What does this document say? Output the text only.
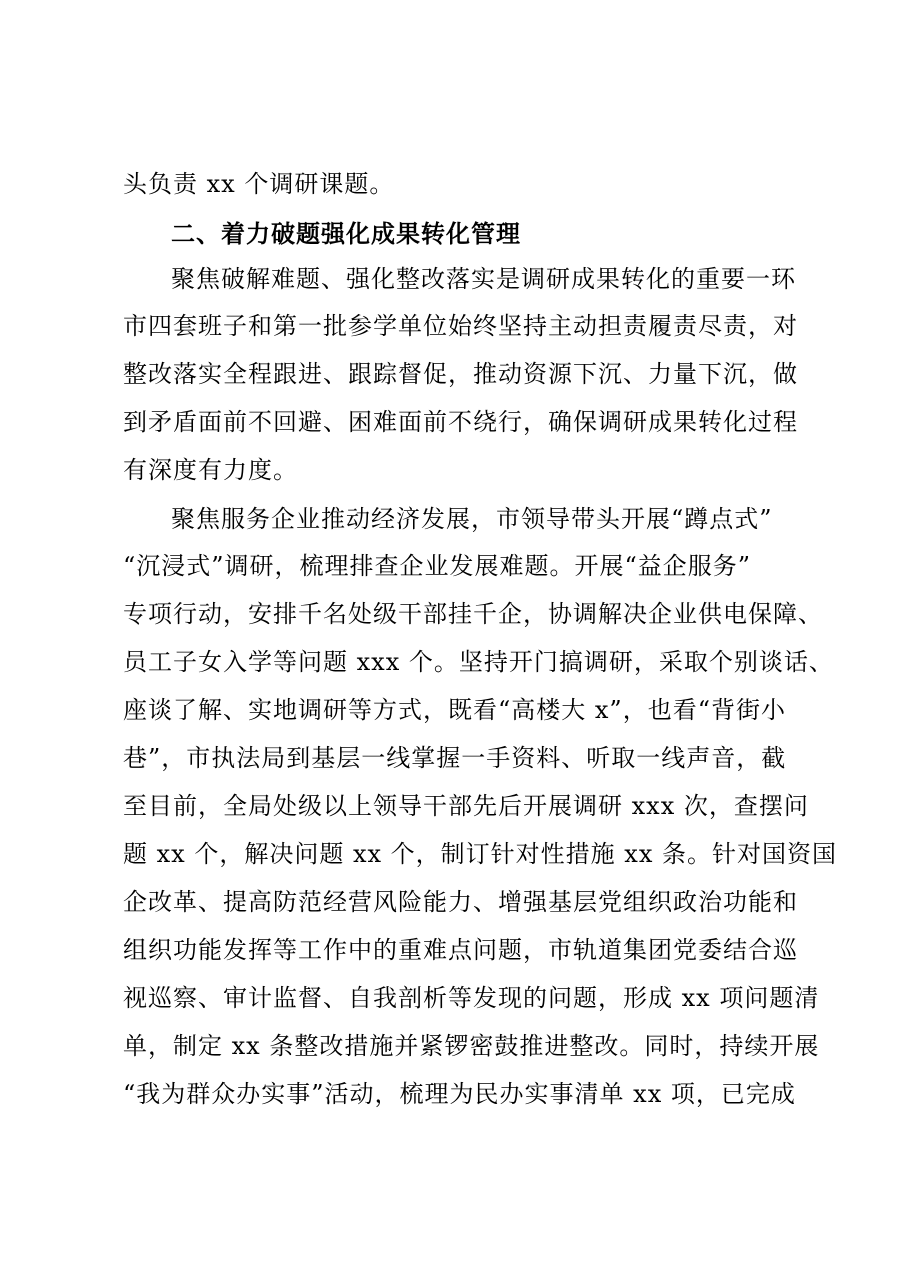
头负责 xx 个调研课题。
二、着力破题强化成果转化管理
聚焦破解难题、强化整改落实是调研成果转化的重要一环
市四套班子和第一批参学单位始终坚持主动担责履责尽责，对
整改落实全程跟进、跟踪督促，推动资源下沉、力量下沉，做
到矛盾面前不回避、困难面前不绕行，确保调研成果转化过程
有深度有力度。
聚焦服务企业推动经济发展，市领导带头开展“蹲点式”
“沉浸式”调研，梳理排查企业发展难题。开展“益企服务”
专项行动，安排千名处级干部挂千企，协调解决企业供电保障、
员工子女入学等问题 xxx 个。坚持开门搞调研，采取个别谈话、
座谈了解、实地调研等方式，既看“高楼大 x”，也看“背街小
巷”，市执法局到基层一线掌握一手资料、听取一线声音，截
至目前，全局处级以上领导干部先后开展调研 xxx 次，查摆问
题 xx 个，解决问题 xx 个，制订针对性措施 xx 条。针对国资国
企改革、提高防范经营风险能力、增强基层党组织政治功能和
组织功能发挥等工作中的重难点问题，市轨道集团党委结合巡
视巡察、审计监督、自我剖析等发现的问题，形成 xx 项问题清
单，制定 xx 条整改措施并紧锣密鼓推进整改。同时，持续开展
“我为群众办实事”活动，梳理为民办实事清单 xx 项，已完成
